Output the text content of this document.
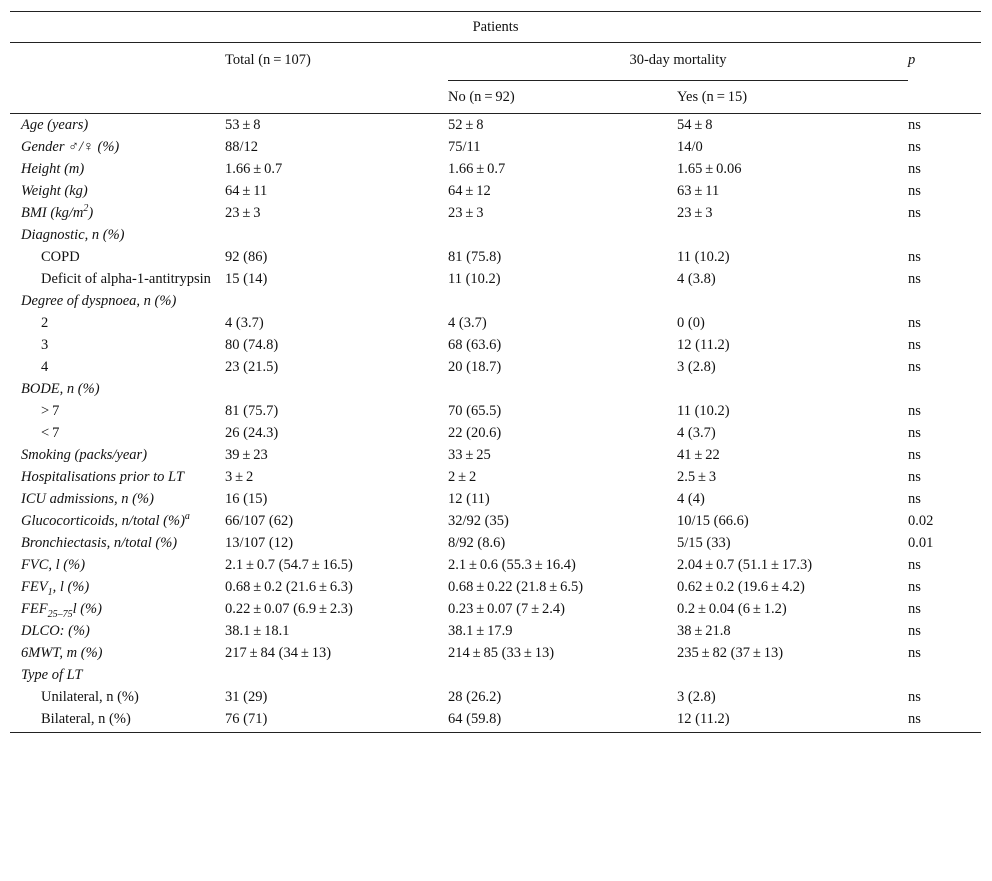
Patients				
	Total (n = 107)	30-day mortality		p
		No (n = 92)	Yes (n = 15)	
Age (years)	53 ± 8	52 ± 8	54 ± 8	ns
Gender ♂/♀ (%)	88/12	75/11	14/0	ns
Height (m)	1.66 ± 0.7	1.66 ± 0.7	1.65 ± 0.06	ns
Weight (kg)	64 ± 11	64 ± 12	63 ± 11	ns
BMI $(kg/m^2)$	23 ± 3	23 ± 3	23 ± 3	ns
Diagnostic, n (%)				
COPD	92 (86)	81 (75.8)	11 (10.2)	ns
Deficit of alpha-1-antitrypsin	15 (14)	11 (10.2)	4 (3.8)	ns
Degree of dyspnoea, n (%)				
2	4 (3.7)	4 (3.7)	0 (0)	ns
3	80 (74.8)	68 (63.6)	12 (11.2)	ns
4	23 (21.5)	20 (18.7)	3 (2.8)	ns
BODE, n (%)				
> 7	81 (75.7)	70 (65.5)	11 (10.2)	ns
< 7	26 (24.3)	22 (20.6)	4 (3.7)	ns
Smoking (packs/year)	39 ± 23	33 ± 25	41 ± 22	ns
Hospitalisations prior to LT	3 ± 2	2 ± 2	2.5 ± 3	ns
ICU admissions, n (%)	16 (15)	12 (11)	4 (4)	ns
Glucocorticoids, n/total (%)$^a$	66/107 (62)	32/92 (35)	10/15 (66.6)	0.02
Bronchiectasis, n/total (%)	13/107 (12)	8/92 (8.6)	5/15 (33)	0.01
FVC, l (%)	2.1 ± 0.7 (54.7 ± 16.5)	2.1 ± 0.6 (55.3 ± 16.4)	2.04 ± 0.7 (51.1 ± 17.3)	ns
$FEV_1$, l (%)	0.68 ± 0.2 (21.6 ± 6.3)	0.68 ± 0.22 (21.8 ± 6.5)	0.62 ± 0.2 (19.6 ± 4.2)	ns
$FEF_{25-75}l$ (%)	0.22 ± 0.07 (6.9 ± 2.3)	0.23 ± 0.07 (7 ± 2.4)	0.2 ± 0.04 (6 ± 1.2)	ns
DLCO: (%)	38.1 ± 18.1	38.1 ± 17.9	38 ± 21.8	ns
6MWT, m (%)	217 ± 84 (34 ± 13)	214 ± 85 (33 ± 13)	235 ± 82 (37 ± 13)	ns
Type of LT				
Unilateral, n (%)	31 (29)	28 (26.2)	3 (2.8)	ns
Bilateral, n (%)	76 (71)	64 (59.8)	12 (11.2)	ns
